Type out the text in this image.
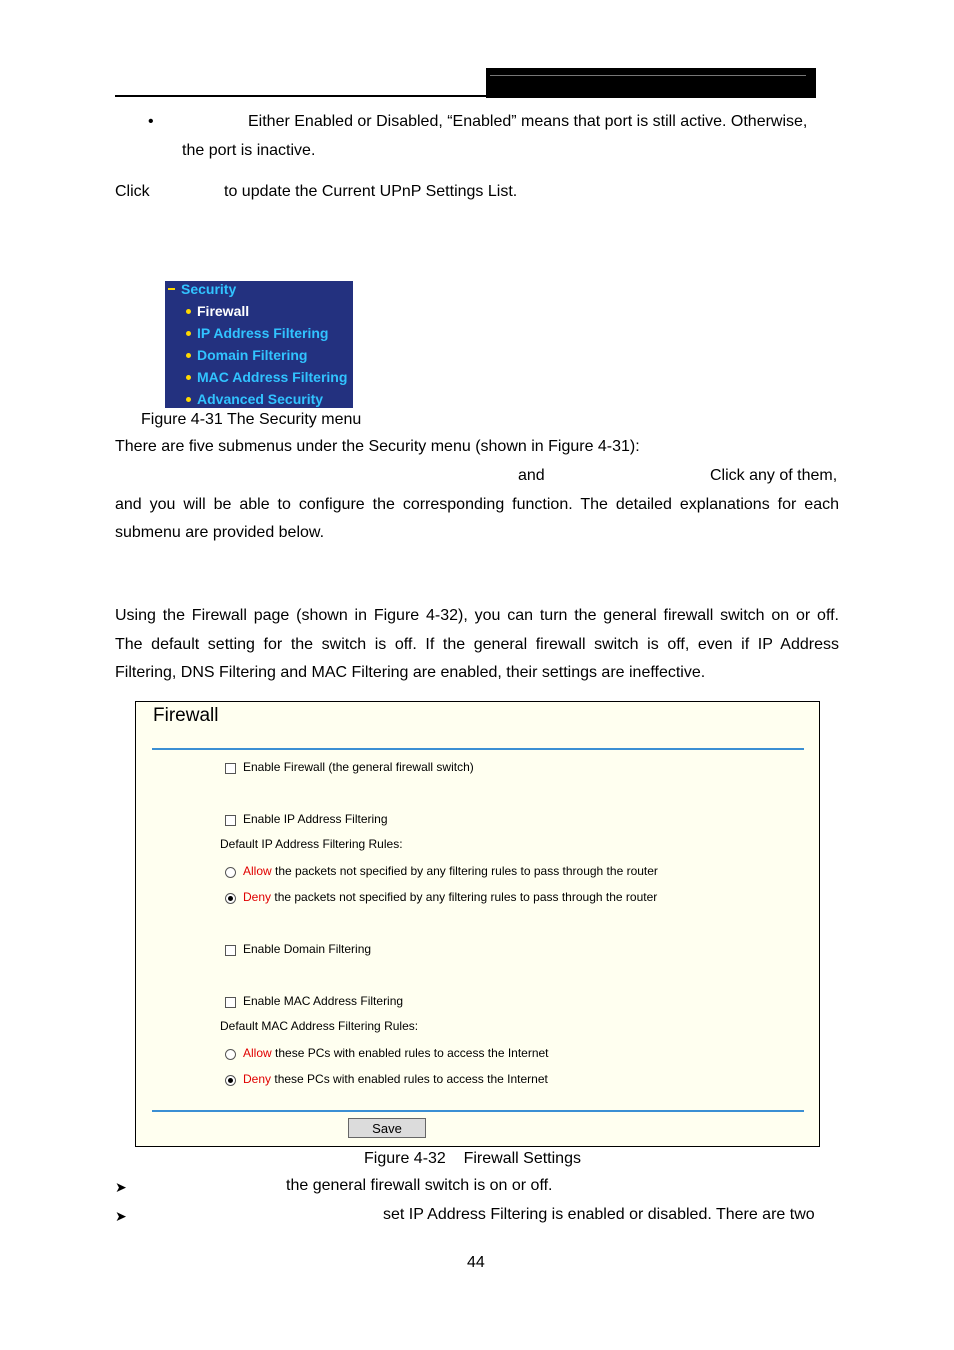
•	Either Enabled or Disabled, “Enabled” means that port is still active. Otherwise,
the port is inactive.
Click	to update the Current UPnP Settings List.
Security
Firewall
IP Address Filtering
Domain Filtering
MAC Address Filtering
Advanced Security
Figure 4-31 The Security menu
There are five submenus under the Security menu (shown in Figure 4-31):
and	Click any of them,
and you will be able to configure the corresponding function. The detailed explanations for each
submenu are provided below.
Using the Firewall page (shown in Figure 4-32), you can turn the general firewall switch on or off.
The default setting for the switch is off. If the general firewall switch is off, even if IP Address
Filtering, DNS Filtering and MAC Filtering are enabled, their settings are ineffective.
Firewall
Enable Firewall (the general firewall switch)
Enable IP Address Filtering
Default IP Address Filtering Rules:
Allow the packets not specified by any filtering rules to pass through the router
Deny the packets not specified by any filtering rules to pass through the router
Enable Domain Filtering
Enable MAC Address Filtering
Default MAC Address Filtering Rules:
Allow these PCs with enabled rules to access the Internet
Deny these PCs with enabled rules to access the Internet
Save
Figure 4-32    Firewall Settings
➤	the general firewall switch is on or off.
➤	set IP Address Filtering is enabled or disabled. There are two
44
